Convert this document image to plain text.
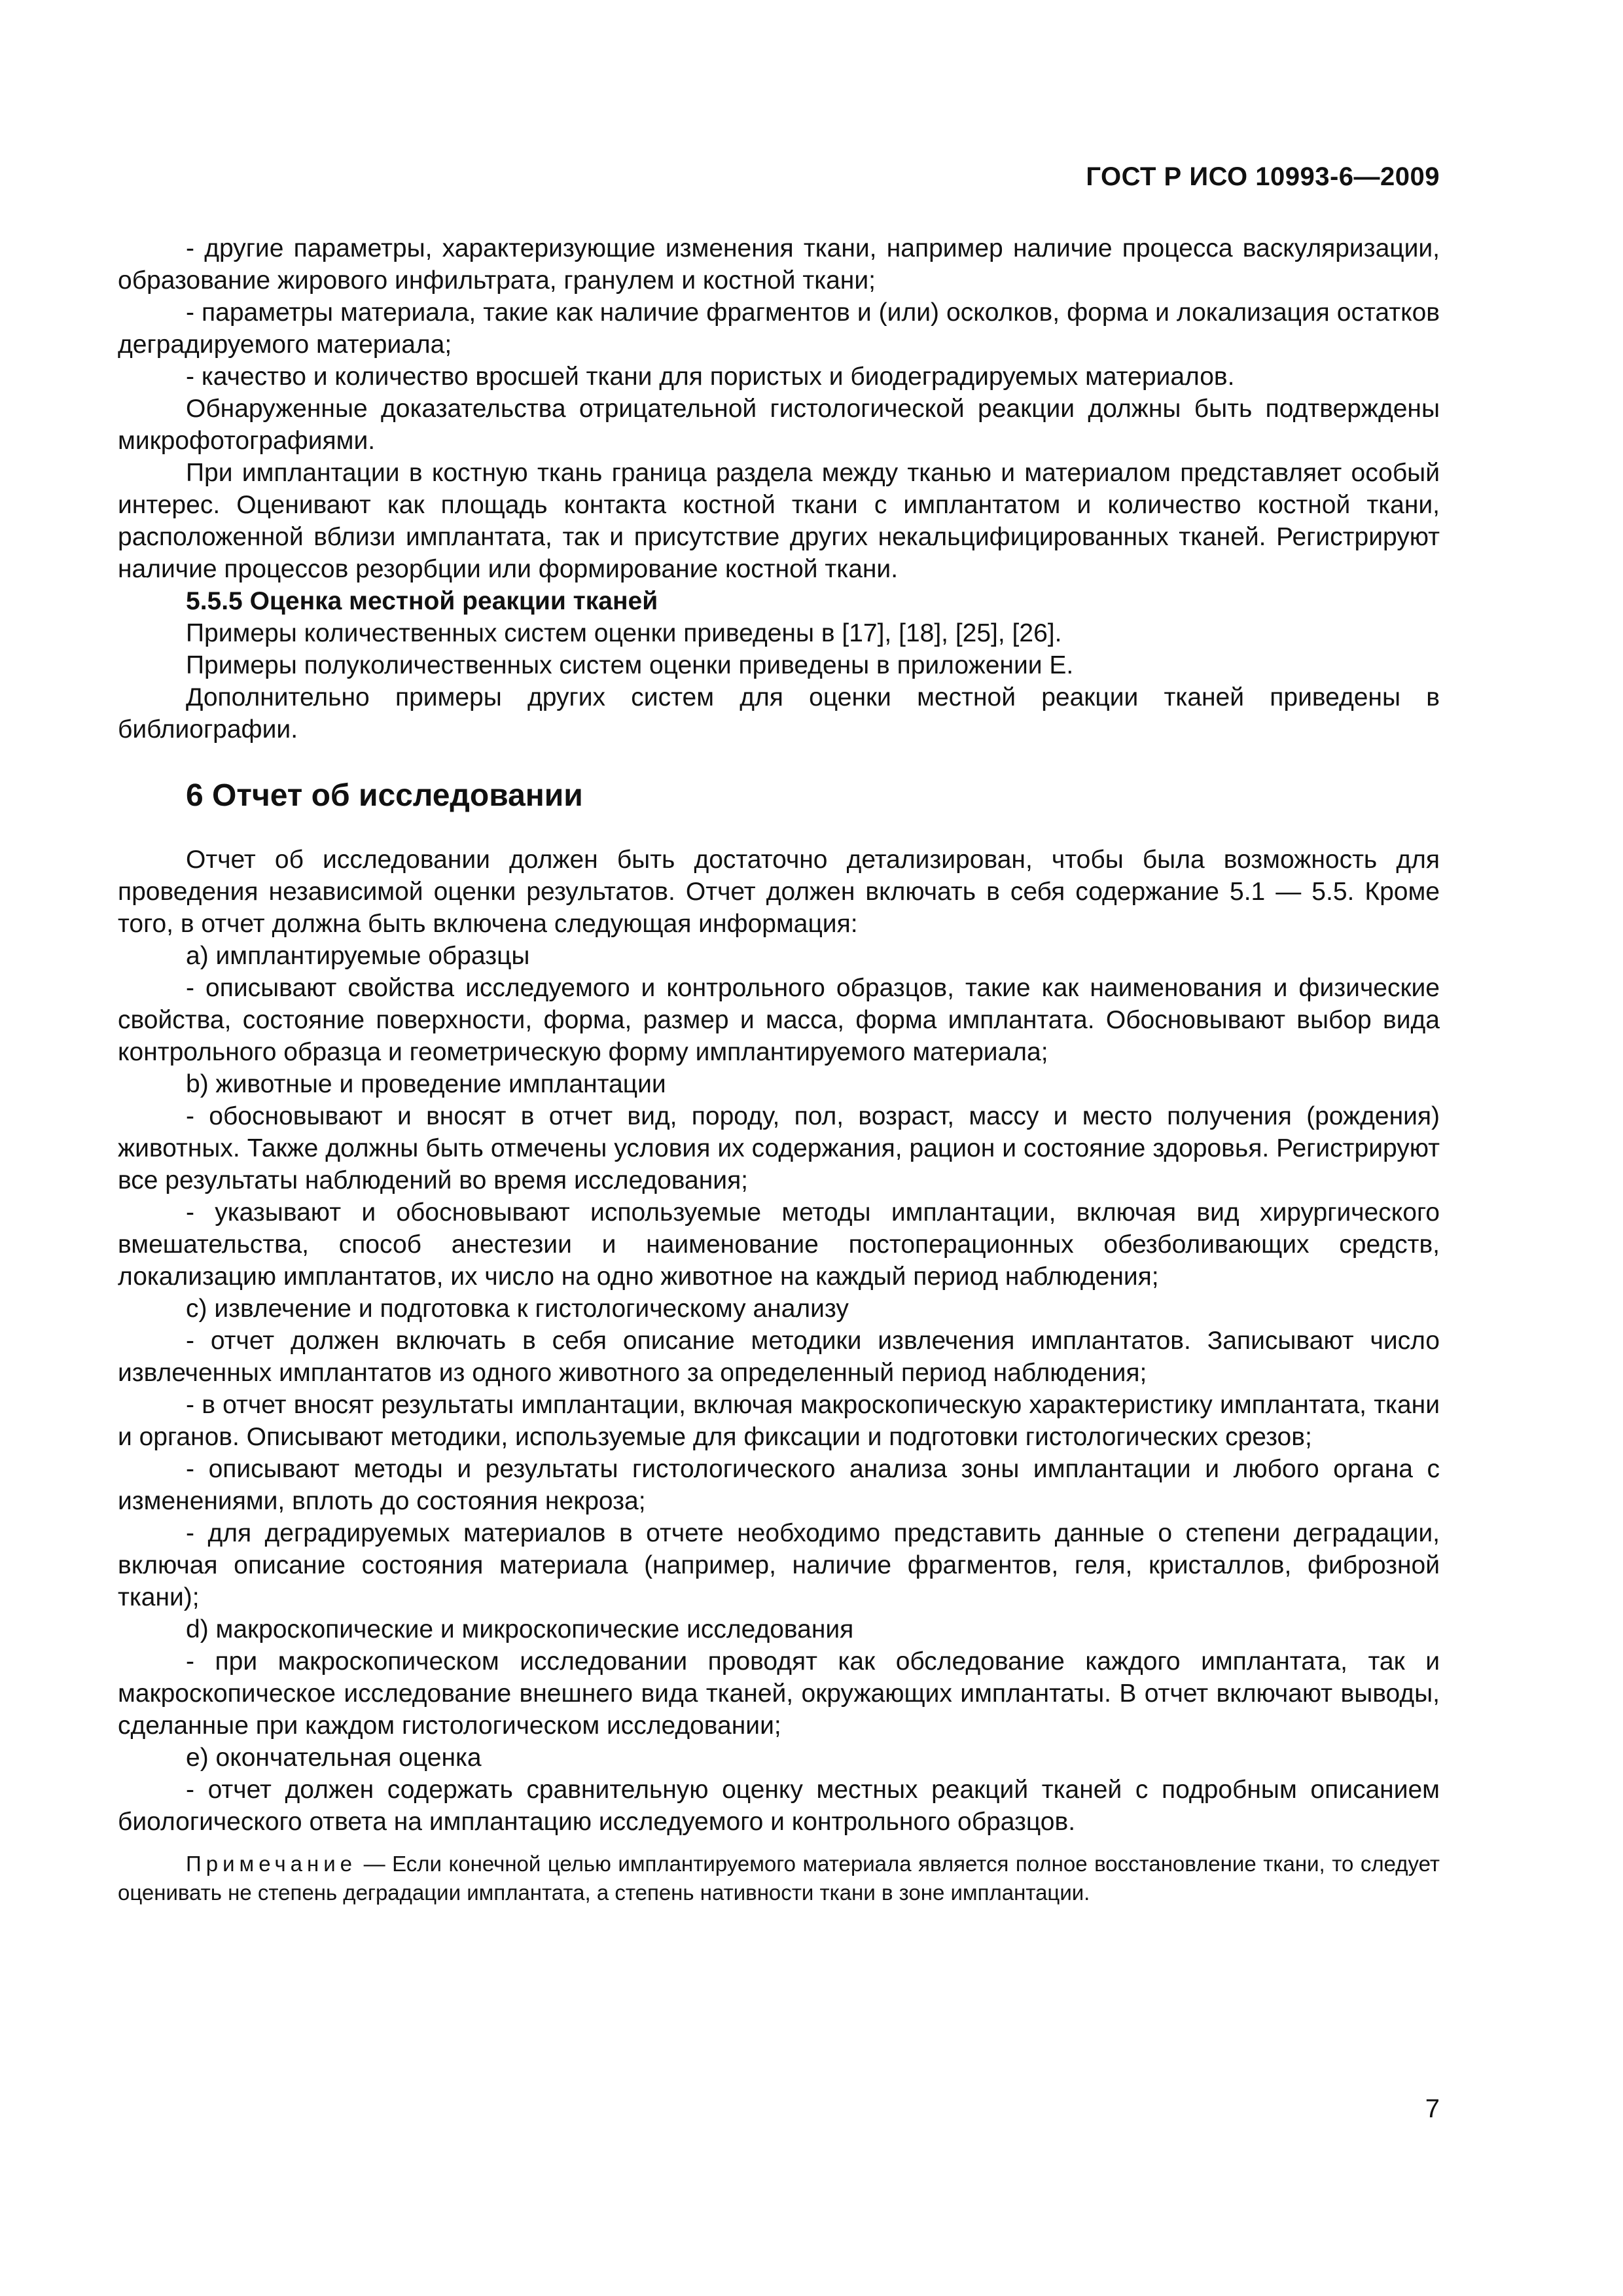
ГОСТ Р ИСО 10993-6—2009

- другие параметры, характеризующие изменения ткани, например наличие процесса васкуляризации, образование жирового инфильтрата, гранулем и костной ткани;

- параметры материала, такие как наличие фрагментов и (или) осколков, форма и локализация остатков деградируемого материала;

- качество и количество вросшей ткани для пористых и биодеградируемых материалов.

Обнаруженные доказательства отрицательной гистологической реакции должны быть подтверждены микрофотографиями.

При имплантации в костную ткань граница раздела между тканью и материалом представляет особый интерес. Оценивают как площадь контакта костной ткани с имплантатом и количество костной ткани, расположенной вблизи имплантата, так и присутствие других некальцифицированных тканей. Регистрируют наличие процессов резорбции или формирование костной ткани.

5.5.5 Оценка местной реакции тканей

Примеры количественных систем оценки приведены в [17], [18], [25], [26].

Примеры полуколичественных систем оценки приведены в приложении Е.

Дополнительно примеры других систем для оценки местной реакции тканей приведены в библиографии.

6 Отчет об исследовании

Отчет об исследовании должен быть достаточно детализирован, чтобы была возможность для проведения независимой оценки результатов. Отчет должен включать в себя содержание 5.1 — 5.5. Кроме того, в отчет должна быть включена следующая информация:

a) имплантируемые образцы

- описывают свойства исследуемого и контрольного образцов, такие как наименования и физические свойства, состояние поверхности, форма, размер и масса, форма имплантата. Обосновывают выбор вида контрольного образца и геометрическую форму имплантируемого материала;

b) животные и проведение имплантации

- обосновывают и вносят в отчет вид, породу, пол, возраст, массу и место получения (рождения) животных. Также должны быть отмечены условия их содержания, рацион и состояние здоровья. Регистрируют все результаты наблюдений во время исследования;

- указывают и обосновывают используемые методы имплантации, включая вид хирургического вмешательства, способ анестезии и наименование постоперационных обезболивающих средств, локализацию имплантатов, их число на одно животное на каждый период наблюдения;

c) извлечение и подготовка к гистологическому анализу

- отчет должен включать в себя описание методики извлечения имплантатов. Записывают число извлеченных имплантатов из одного животного за определенный период наблюдения;

- в отчет вносят результаты имплантации, включая макроскопическую характеристику имплантата, ткани и органов. Описывают методики, используемые для фиксации и подготовки гистологических срезов;

- описывают методы и результаты гистологического анализа зоны имплантации и любого органа с изменениями, вплоть до состояния некроза;

- для деградируемых материалов в отчете необходимо представить данные о степени деградации, включая описание состояния материала (например, наличие фрагментов, геля, кристаллов, фиброзной ткани);

d) макроскопические и микроскопические исследования

- при макроскопическом исследовании проводят как обследование каждого имплантата, так и макроскопическое исследование внешнего вида тканей, окружающих имплантаты. В отчет включают выводы, сделанные при каждом гистологическом исследовании;

e) окончательная оценка

- отчет должен содержать сравнительную оценку местных реакций тканей с подробным описанием биологического ответа на имплантацию исследуемого и контрольного образцов.

Примечание — Если конечной целью имплантируемого материала является полное восстановление ткани, то следует оценивать не степень деградации имплантата, а степень нативности ткани в зоне имплантации.
7
